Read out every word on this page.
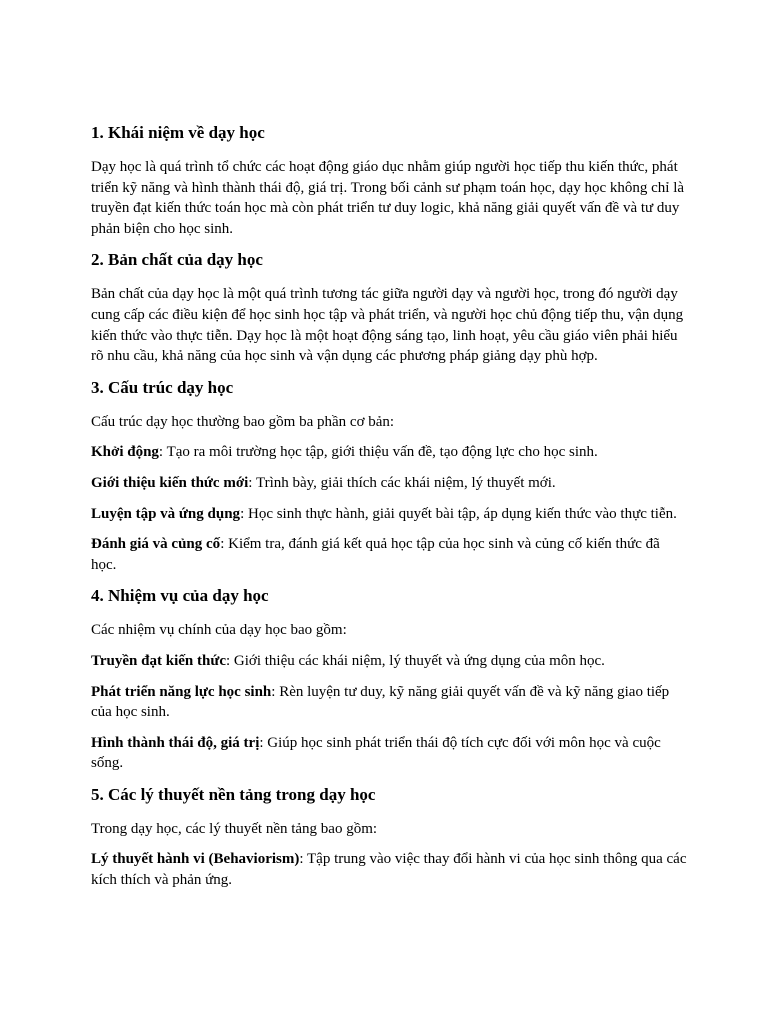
1. Khái niệm về dạy học

Dạy học là quá trình tổ chức các hoạt động giáo dục nhằm giúp người học tiếp thu kiến thức, phát triển kỹ năng và hình thành thái độ, giá trị. Trong bối cảnh sư phạm toán học, dạy học không chỉ là truyền đạt kiến thức toán học mà còn phát triển tư duy logic, khả năng giải quyết vấn đề và tư duy phản biện cho học sinh.

2. Bản chất của dạy học

Bản chất của dạy học là một quá trình tương tác giữa người dạy và người học, trong đó người dạy cung cấp các điều kiện để học sinh học tập và phát triển, và người học chủ động tiếp thu, vận dụng kiến thức vào thực tiễn. Dạy học là một hoạt động sáng tạo, linh hoạt, yêu cầu giáo viên phải hiểu rõ nhu cầu, khả năng của học sinh và vận dụng các phương pháp giảng dạy phù hợp.

3. Cấu trúc dạy học

Cấu trúc dạy học thường bao gồm ba phần cơ bản:

Khởi động: Tạo ra môi trường học tập, giới thiệu vấn đề, tạo động lực cho học sinh.

Giới thiệu kiến thức mới: Trình bày, giải thích các khái niệm, lý thuyết mới.

Luyện tập và ứng dụng: Học sinh thực hành, giải quyết bài tập, áp dụng kiến thức vào thực tiễn.

Đánh giá và củng cố: Kiểm tra, đánh giá kết quả học tập của học sinh và củng cố kiến thức đã học.

4. Nhiệm vụ của dạy học

Các nhiệm vụ chính của dạy học bao gồm:

Truyền đạt kiến thức: Giới thiệu các khái niệm, lý thuyết và ứng dụng của môn học.

Phát triển năng lực học sinh: Rèn luyện tư duy, kỹ năng giải quyết vấn đề và kỹ năng giao tiếp của học sinh.

Hình thành thái độ, giá trị: Giúp học sinh phát triển thái độ tích cực đối với môn học và cuộc sống.

5. Các lý thuyết nền tảng trong dạy học

Trong dạy học, các lý thuyết nền tảng bao gồm:

Lý thuyết hành vi (Behaviorism): Tập trung vào việc thay đổi hành vi của học sinh thông qua các kích thích và phản ứng.
